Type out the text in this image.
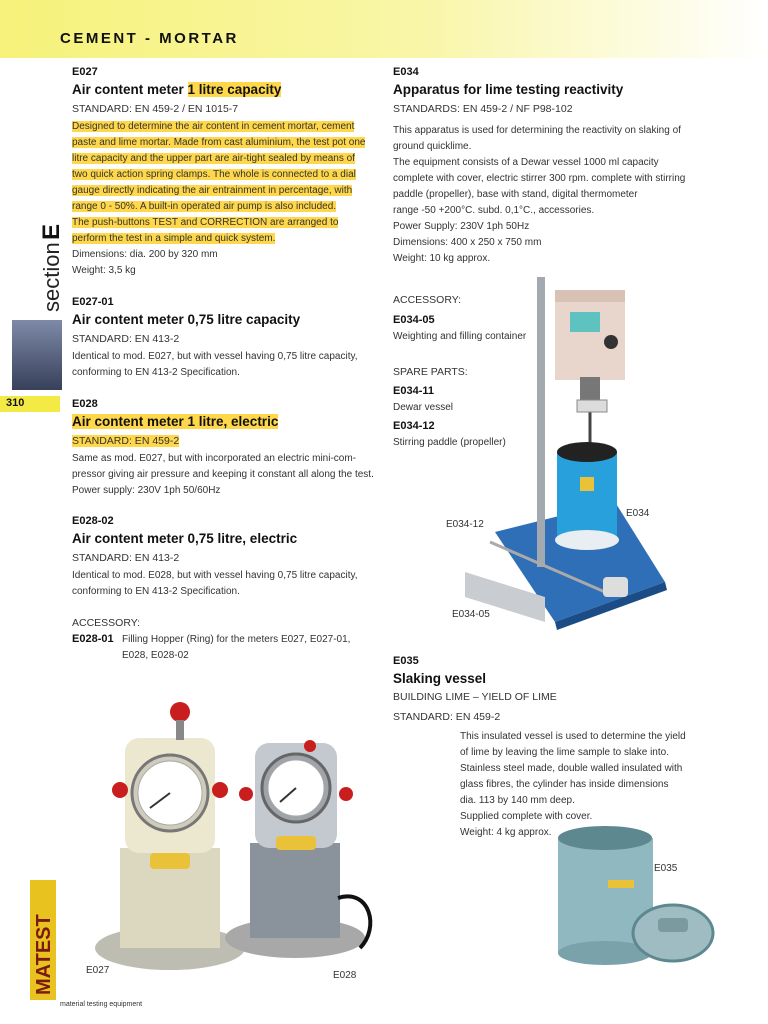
CEMENT - MORTAR
section
E
310
E027
Air content meter 1 litre capacity
STANDARD: EN 459-2 / EN 1015-7
Designed to determine the air content in cement mortar, cement
paste and lime mortar. Made from cast aluminium, the test pot one
litre capacity and the upper part are air-tight sealed by means of
two quick action spring clamps. The whole is connected to a dial
gauge directly indicating the air entrainment in percentage, with
range 0 - 50%. A built-in operated air pump is also included.
The push-buttons TEST and CORRECTION are arranged to
perform the test in a simple and quick system.
Dimensions: dia. 200 by 320 mm
Weight: 3,5 kg
E027-01
Air content meter 0,75 litre capacity
STANDARD: EN 413-2
Identical to mod. E027, but with vessel having 0,75 litre capacity,
conforming to EN 413-2 Specification.
E028
Air content meter 1 litre, electric
STANDARD: EN 459-2
Same as mod. E027, but with incorporated an electric mini-com-
pressor giving air pressure and keeping it constant all along the test.
Power supply: 230V 1ph 50/60Hz
E028-02
Air content meter 0,75 litre, electric
STANDARD: EN 413-2
Identical to mod. E028, but with vessel having 0,75 litre capacity,
conforming to EN 413-2 Specification.
ACCESSORY:
E028-01 Filling Hopper (Ring) for the meters E027, E027-01,
E028, E028-02
E027	E028
E034
Apparatus for lime testing reactivity
STANDARDS: EN 459-2 / NF P98-102
This apparatus is used for determining the reactivity on slaking of
ground quicklime.
The equipment consists of a Dewar vessel 1000 ml capacity
complete with cover, electric stirrer 300 rpm. complete with stirring
paddle (propeller), base with stand, digital thermometer
range -50 +200°C. subd. 0,1°C., accessories.
Power Supply: 230V 1ph 50Hz
Dimensions: 400 x 250 x 750 mm
Weight: 10 kg approx.
ACCESSORY:
E034-05
Weighting and filling container
SPARE PARTS:
E034-11
Dewar vessel
E034-12
Stirring paddle (propeller)
E034
E034-12
E034-05
E035
Slaking vessel
BUILDING LIME – YIELD OF LIME
STANDARD: EN 459-2
This insulated vessel is used to determine the yield
of lime by leaving the lime sample to slake into.
Stainless steel made, double walled insulated with
glass fibres, the cylinder has inside dimensions
dia. 113 by 140 mm deep.
Supplied complete with cover.
Weight: 4 kg approx.
E035
MATEST
material testing equipment
